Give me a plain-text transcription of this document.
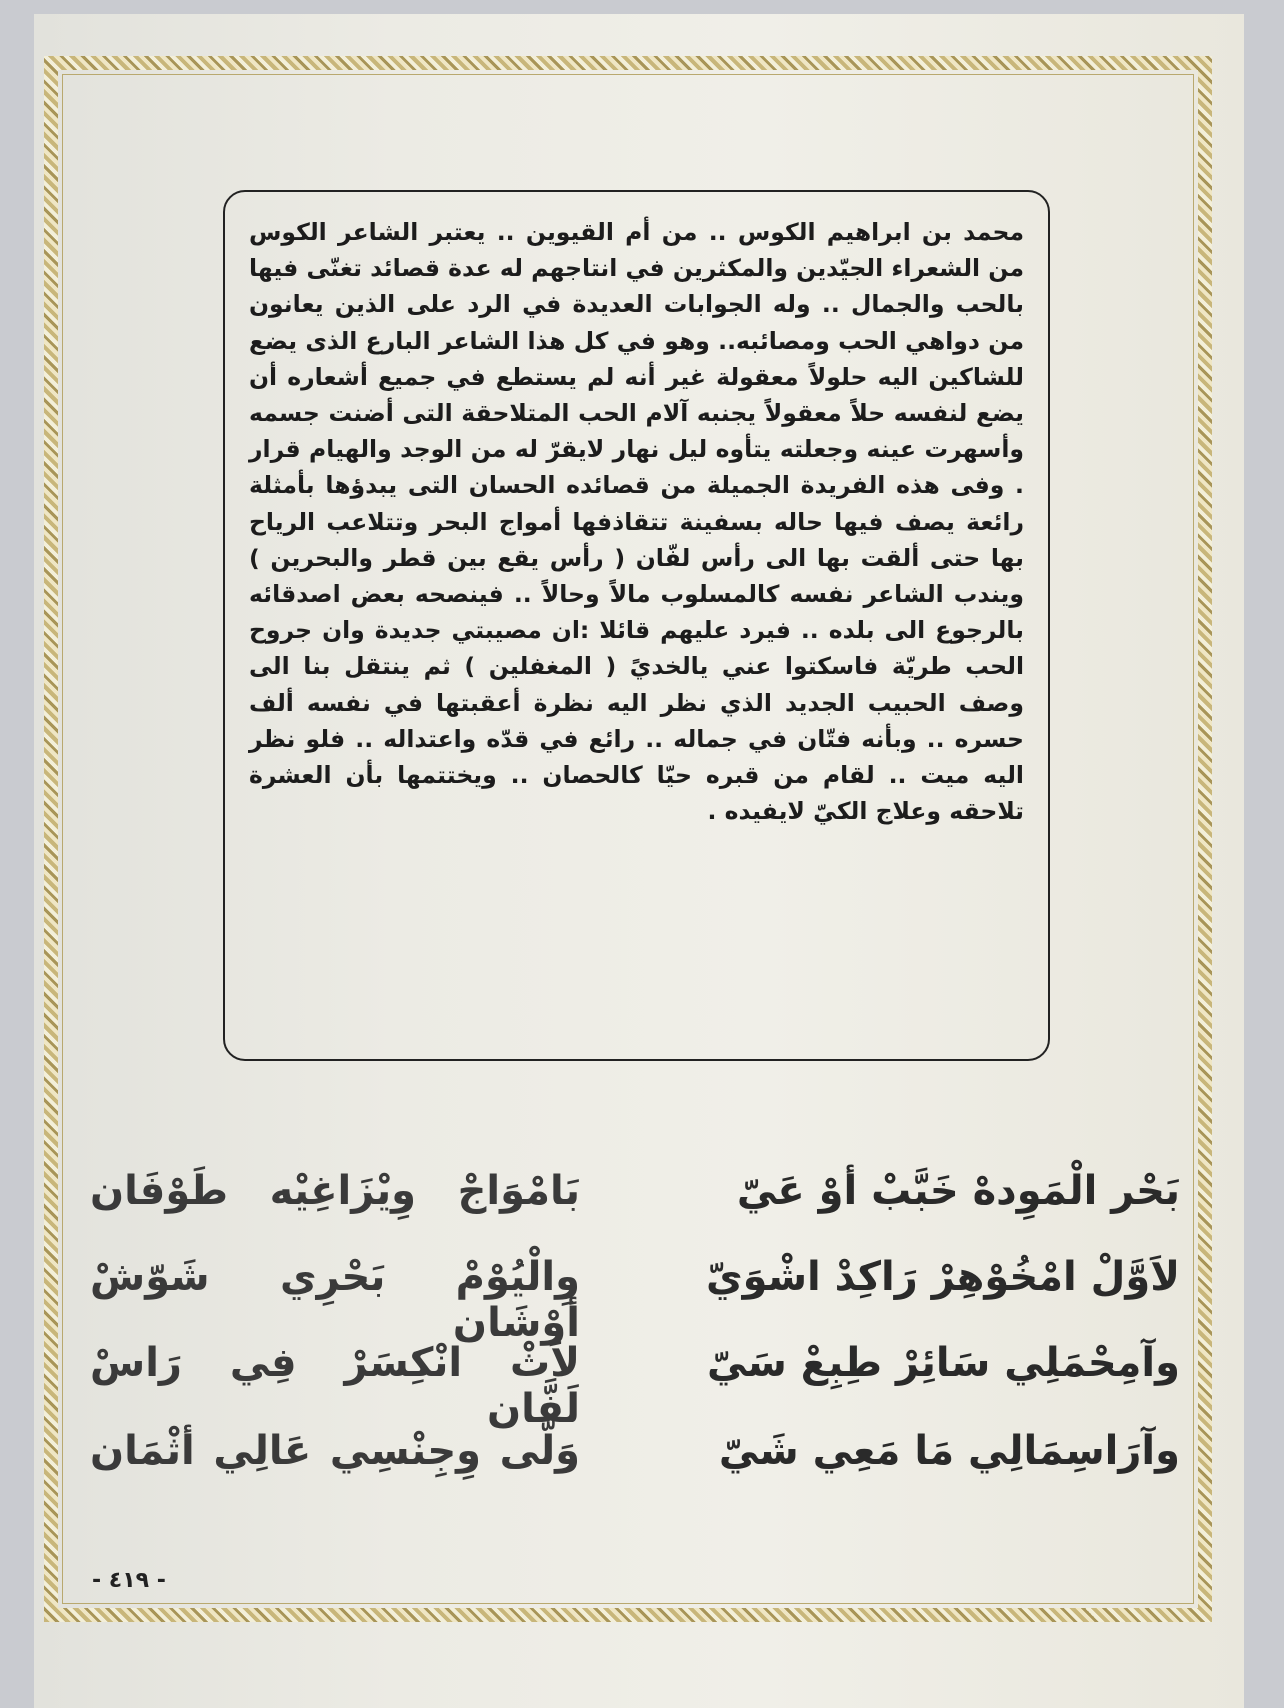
محمد بن ابراهيم الكوس .. من أم القيوين .. يعتبر الشاعر الكوس من الشعراء الجيّدين والمكثرين في انتاجهم له عدة قصائد تغنّى فيها بالحب والجمال .. وله الجوابات العديدة في الرد على الذين يعانون من دواهي الحب ومصائبه.. وهو في كل هذا الشاعر البارع الذى يضع للشاكين اليه حلولاً معقولة غير أنه لم يستطع في جميع أشعاره أن يضع لنفسه حلاً معقولاً يجنبه آلام الحب المتلاحقة التى أضنت جسمه وأسهرت عينه وجعلته يتأوه ليل نهار لايقرّ له من الوجد والهيام قرار . وفى هذه الفريدة الجميلة من قصائده الحسان التى يبدؤها بأمثلة رائعة يصف فيها حاله بسفينة تتقاذفها أمواج البحر وتتلاعب الرياح بها حتى ألقت بها الى رأس لفّان ( رأس يقع بين قطر والبحرين ) ويندب الشاعر نفسه كالمسلوب مالاً وحالاً .. فينصحه بعض اصدقائه بالرجوع الى بلده .. فيرد عليهم قائلا :ان مصيبتي جديدة وان جروح الحب طريّة فاسكتوا عني يالخديً ( المغفلين ) ثم ينتقل بنا الى وصف الحبيب الجديد الذي نظر اليه نظرة أعقبتها في نفسه ألف حسره .. وبأنه فتّان في جماله .. رائع في قدّه واعتداله .. فلو نظر اليه ميت .. لقام من قبره حيّا كالحصان .. ويختتمها بأن العشرة تلاحقه وعلاج الكيّ لايفيده .

بَحْر الْمَوِدهْ خَبَّبْ أوْ عَيّ
بَامْوَاجْ وِيْزَاغِيْه طَوْفَان
لاَوَّلْ امْخُوْهِرْ رَاكِدْ اشْوَيّ
وِالْيُوْمْ بَحْرِي شَوّشْ أوْشَان
وآمِحْمَلِي سَائِرْ طِبِعْ سَيّ
لاَثْ انْكِسَرْ فِي رَاسْ لَفَّان
وآرَاسِمَالِي مَا مَعِي شَيّ
وَلّى وِجِنْسِي عَالِي أثْمَان
- ٤١٩ -
